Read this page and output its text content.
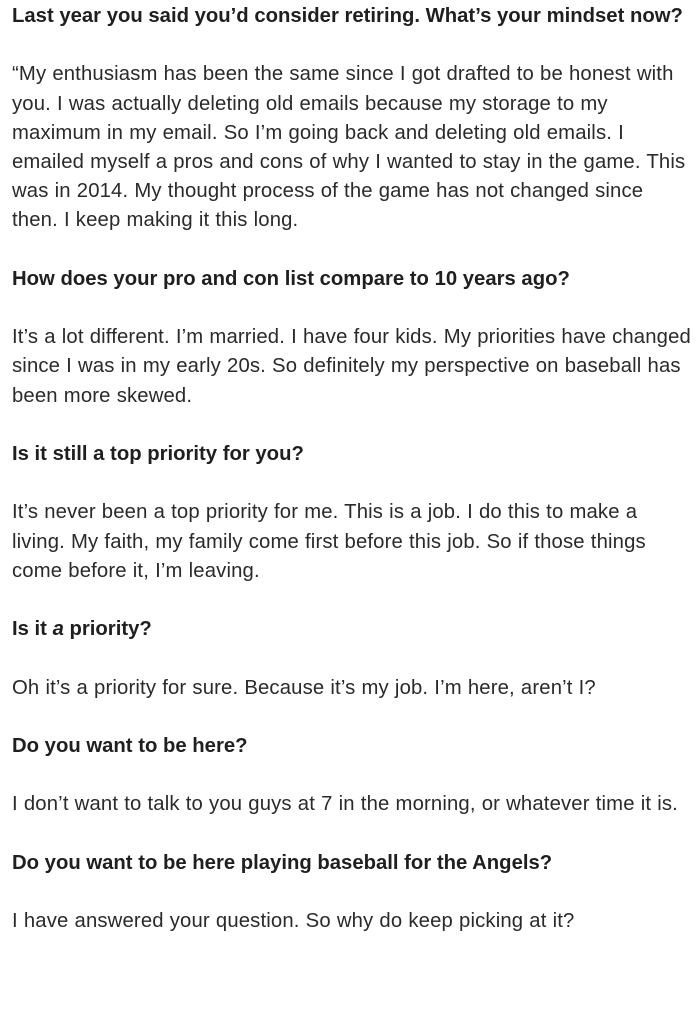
Last year you said you’d consider retiring. What’s your mindset now?

“My enthusiasm has been the same since I got drafted to be honest with you. I was actually deleting old emails because my storage to my maximum in my email. So I’m going back and deleting old emails. I emailed myself a pros and cons of why I wanted to stay in the game. This was in 2014. My thought process of the game has not changed since then. I keep making it this long.

How does your pro and con list compare to 10 years ago?

It’s a lot different. I’m married. I have four kids. My priorities have changed since I was in my early 20s. So definitely my perspective on baseball has been more skewed.

Is it still a top priority for you?

It’s never been a top priority for me. This is a job. I do this to make a living. My faith, my family come first before this job. So if those things come before it, I’m leaving.

Is it a priority?

Oh it’s a priority for sure. Because it’s my job. I’m here, aren’t I?

Do you want to be here?

I don’t want to talk to you guys at 7 in the morning, or whatever time it is.

Do you want to be here playing baseball for the Angels?

I have answered your question. So why do keep picking at it?
